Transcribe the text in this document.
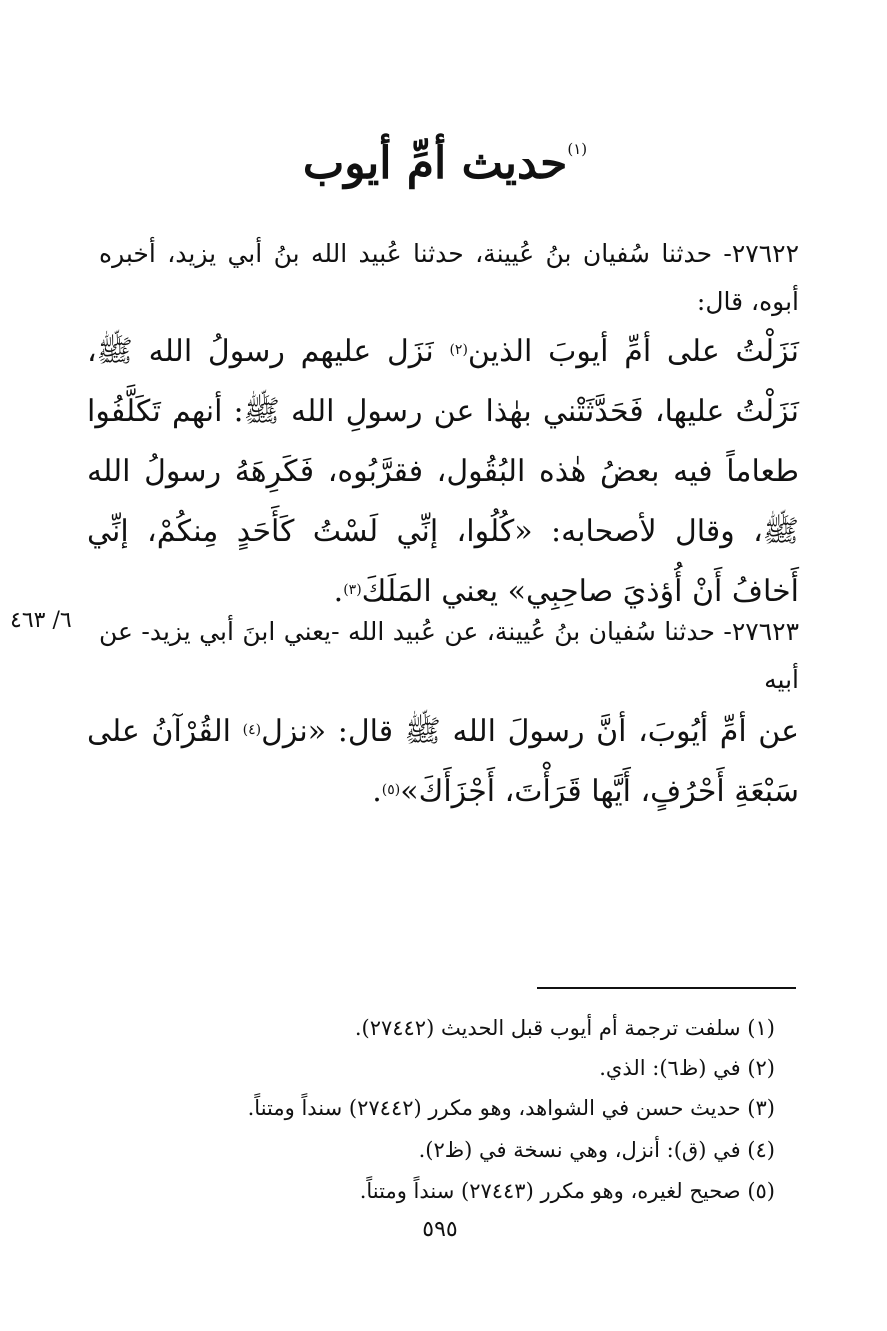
$^{(١)}$حديث أمِّ أيوب
٢٧٦٢٢- حدثنا سُفيان بنُ عُيينة، حدثنا عُبيد الله بنُ أبي يزيد، أخبره أبوه، قال:
نَزَلْتُ على أمِّ أيوبَ الذين$^{(٢)}$ نَزَل عليهم رسولُ الله ﷺ، نَزَلْتُ عليها، فَحَدَّثَتْني بهٰذا عن رسولِ الله ﷺ: أنهم تَكَلَّفُوا طعاماً فيه بعضُ هٰذه البُقُول، فقرَّبُوه، فَكَرِهَهُ رسولُ الله ﷺ، وقال لأصحابه: «كُلُوا، إنِّي لَسْتُ كَأَحَدٍ مِنكُمْ، إنِّي أَخافُ أَنْ أُؤذيَ صاحِبِي» يعني المَلَكَ$^{(٣)}$.
٦/ ٤٦٣ ٢٧٦٢٣- حدثنا سُفيان بنُ عُيينة، عن عُبيد الله -يعني ابنَ أبي يزيد- عن أبيه
عن أمِّ أيُوبَ، أنَّ رسولَ الله ﷺ قال: «نزل$^{(٤)}$ القُرْآنُ على سَبْعَةِ أَحْرُفٍ، أَيَّها قَرَأْتَ، أَجْزَأَكَ»$^{(٥)}$.
(١) سلفت ترجمة أم أيوب قبل الحديث (٢٧٤٤٢).
(٢) في (ظ٦): الذي.
(٣) حديث حسن في الشواهد، وهو مكرر (٢٧٤٤٢) سنداً ومتناً.
(٤) في (ق): أنزل، وهي نسخة في (ظ٢).
(٥) صحيح لغيره، وهو مكرر (٢٧٤٤٣) سنداً ومتناً.
٥٩٥
